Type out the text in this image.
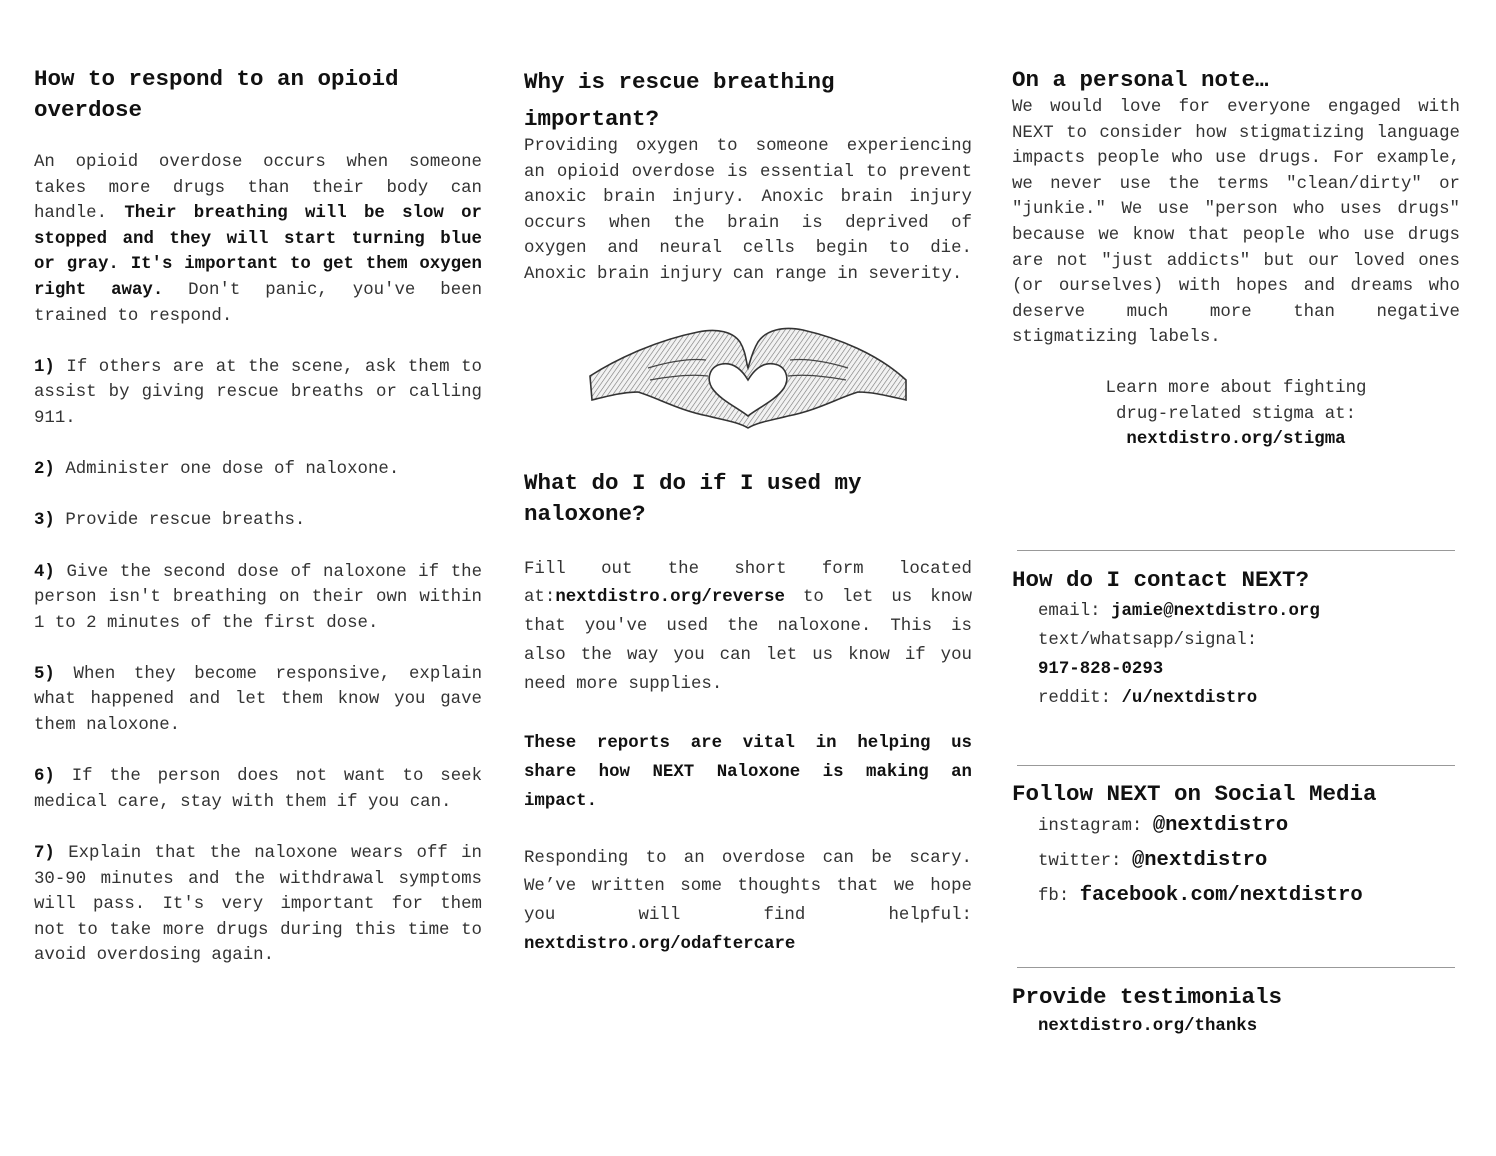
How to respond to an opioid overdose

An opioid overdose occurs when someone takes more drugs than their body can handle. Their breathing will be slow or stopped and they will start turning blue or gray. It's important to get them oxygen right away. Don't panic, you've been trained to respond.

1) If others are at the scene, ask them to assist by giving rescue breaths or calling 911.

2) Administer one dose of naloxone.

3) Provide rescue breaths.

4) Give the second dose of naloxone if the person isn't breathing on their own within 1 to 2 minutes of the first dose.

5) When they become responsive, explain what happened and let them know you gave them naloxone.

6) If the person does not want to seek medical care, stay with them if you can.

7) Explain that the naloxone wears off in 30-90 minutes and the withdrawal symptoms will pass. It's very important for them not to take more drugs during this time to avoid overdosing again.

Why is rescue breathing important?

Providing oxygen to someone experiencing an opioid overdose is essential to prevent anoxic brain injury. Anoxic brain injury occurs when the brain is deprived of oxygen and neural cells begin to die. Anoxic brain injury can range in severity.

What do I do if I used my naloxone?

Fill out the short form located at:nextdistro.org/reverse to let us know that you've used the naloxone. This is also the way you can let us know if you need more supplies.

These reports are vital in helping us share how NEXT Naloxone is making an impact.

Responding to an overdose can be scary. We’ve written some thoughts that we hope you will find helpful: nextdistro.org/odaftercare

On a personal note…

We would love for everyone engaged with NEXT to consider how stigmatizing language impacts people who use drugs. For example, we never use the terms "clean/dirty" or "junkie." We use "person who uses drugs" because we know that people who use drugs are not "just addicts" but our loved ones (or ourselves) with hopes and dreams who deserve much more than negative stigmatizing labels.

Learn more about fighting
drug-related stigma at:
nextdistro.org/stigma

How do I contact NEXT?
email: jamie@nextdistro.org
text/whatsapp/signal:
917-828-0293
reddit: /u/nextdistro
Follow NEXT on Social Media
instagram: @nextdistro
twitter: @nextdistro
fb: facebook.com/nextdistro
Provide testimonials
nextdistro.org/thanks
